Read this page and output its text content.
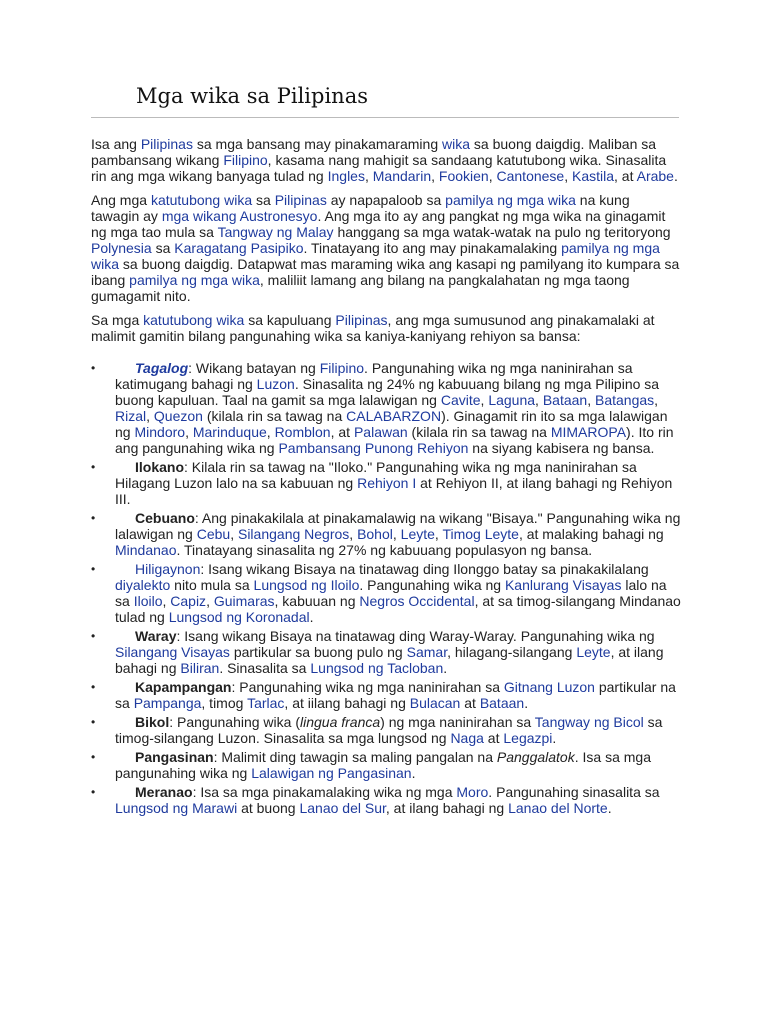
Mga wika sa Pilipinas

Isa ang Pilipinas sa mga bansang may pinakamaraming wika sa buong daigdig. Maliban sa pambansang wikang Filipino, kasama nang mahigit sa sandaang katutubong wika. Sinasalita rin ang mga wikang banyaga tulad ng Ingles, Mandarin, Fookien, Cantonese, Kastila, at Arabe.

Ang mga katutubong wika sa Pilipinas ay napapaloob sa pamilya ng mga wika na kung tawagin ay mga wikang Austronesyo. Ang mga ito ay ang pangkat ng mga wika na ginagamit ng mga tao mula sa Tangway ng Malay hanggang sa mga watak-watak na pulo ng teritoryong Polynesia sa Karagatang Pasipiko. Tinatayang ito ang may pinakamalaking pamilya ng mga wika sa buong daigdig. Datapwat mas maraming wika ang kasapi ng pamilyang ito kumpara sa ibang pamilya ng mga wika, maliliit lamang ang bilang na pangkalahatan ng mga taong gumagamit nito.

Sa mga katutubong wika sa kapuluang Pilipinas, ang mga sumusunod ang pinakamalaki at malimit gamitin bilang pangunahing wika sa kaniya-kaniyang rehiyon sa bansa:

•	Tagalog: Wikang batayan ng Filipino. Pangunahing wika ng mga naninirahan sa katimugang bahagi ng Luzon. Sinasalita ng 24% ng kabuuang bilang ng mga Pilipino sa buong kapuluan. Taal na gamit sa mga lalawigan ng Cavite, Laguna, Bataan, Batangas, Rizal, Quezon (kilala rin sa tawag na CALABARZON). Ginagamit rin ito sa mga lalawigan ng Mindoro, Marinduque, Romblon, at Palawan (kilala rin sa tawag na MIMAROPA). Ito rin ang pangunahing wika ng Pambansang Punong Rehiyon na siyang kabisera ng bansa.
•	Ilokano: Kilala rin sa tawag na "Iloko." Pangunahing wika ng mga naninirahan sa Hilagang Luzon lalo na sa kabuuan ng Rehiyon I at Rehiyon II, at ilang bahagi ng Rehiyon III.
•	Cebuano: Ang pinakakilala at pinakamalawig na wikang "Bisaya." Pangunahing wika ng lalawigan ng Cebu, Silangang Negros, Bohol, Leyte, Timog Leyte, at malaking bahagi ng Mindanao. Tinatayang sinasalita ng 27% ng kabuuang populasyon ng bansa.
•	Hiligaynon: Isang wikang Bisaya na tinatawag ding Ilonggo batay sa pinakakilalang diyalekto nito mula sa Lungsod ng Iloilo. Pangunahing wika ng Kanlurang Visayas lalo na sa Iloilo, Capiz, Guimaras, kabuuan ng Negros Occidental, at sa timog-silangang Mindanao tulad ng Lungsod ng Koronadal.
•	Waray: Isang wikang Bisaya na tinatawag ding Waray-Waray. Pangunahing wika ng Silangang Visayas partikular sa buong pulo ng Samar, hilagang-silangang Leyte, at ilang bahagi ng Biliran. Sinasalita sa Lungsod ng Tacloban.
•	Kapampangan: Pangunahing wika ng mga naninirahan sa Gitnang Luzon partikular na sa Pampanga, timog Tarlac, at iilang bahagi ng Bulacan at Bataan.
•	Bikol: Pangunahing wika (lingua franca) ng mga naninirahan sa Tangway ng Bicol sa timog-silangang Luzon. Sinasalita sa mga lungsod ng Naga at Legazpi.
•	Pangasinan: Malimit ding tawagin sa maling pangalan na Panggalatok. Isa sa mga pangunahing wika ng Lalawigan ng Pangasinan.
•	Meranao: Isa sa mga pinakamalaking wika ng mga Moro. Pangunahing sinasalita sa Lungsod ng Marawi at buong Lanao del Sur, at ilang bahagi ng Lanao del Norte.
